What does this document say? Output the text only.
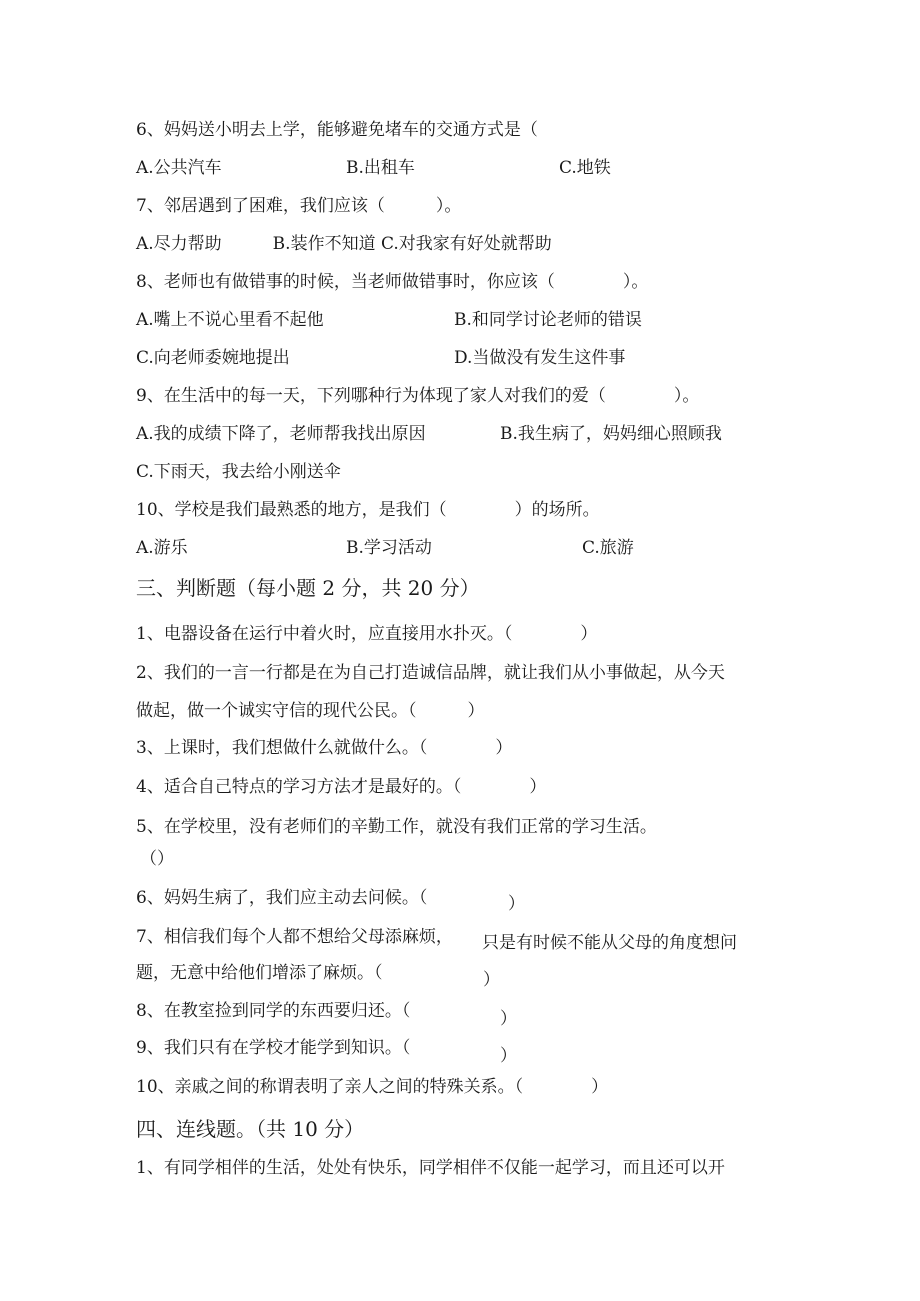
6、妈妈送小明去上学，能够避免堵车的交通方式是（

A.公共汽车	B.出租车	C.地铁

7、邻居遇到了困难，我们应该（　　　）。

A.尽力帮助　　　B.装作不知道 C.对我家有好处就帮助

8、老师也有做错事的时候，当老师做错事时，你应该（　　　　）。

A.嘴上不说心里看不起他	B.和同学讨论老师的错误

C.向老师委婉地提出	D.当做没有发生这件事

9、在生活中的每一天，下列哪种行为体现了家人对我们的爱（　　　　）。

A.我的成绩下降了，老师帮我找出原因	B.我生病了，妈妈细心照顾我

C.下雨天，我去给小刚送伞

10、学校是我们最熟悉的地方，是我们（　　　　）的场所。

A.游乐	B.学习活动	C.旅游

三、判断题（每小题 2 分，共 20 分）

1、电器设备在运行中着火时，应直接用水扑灭。（　　　　）

2、我们的一言一行都是在为自己打造诚信品牌，就让我们从小事做起，从今天

做起，做一个诚实守信的现代公民。（　　　）

3、上课时，我们想做什么就做什么。（　　　　）

4、适合自己特点的学习方法才是最好的。（　　　　）

5、在学校里，没有老师们的辛勤工作，就没有我们正常的学习生活。

（）

6、妈妈生病了，我们应主动去问候。（	）

7、相信我们每个人都不想给父母添麻烦， 只是有时候不能从父母的角度想问

题，无意中给他们增添了麻烦。（	）

8、在教室捡到同学的东西要归还。（	）

9、我们只有在学校才能学到知识。（	）

10、亲戚之间的称谓表明了亲人之间的特殊关系。（　　　　）

四、连线题。（共 10 分）

1、有同学相伴的生活，处处有快乐，同学相伴不仅能一起学习，而且还可以开
